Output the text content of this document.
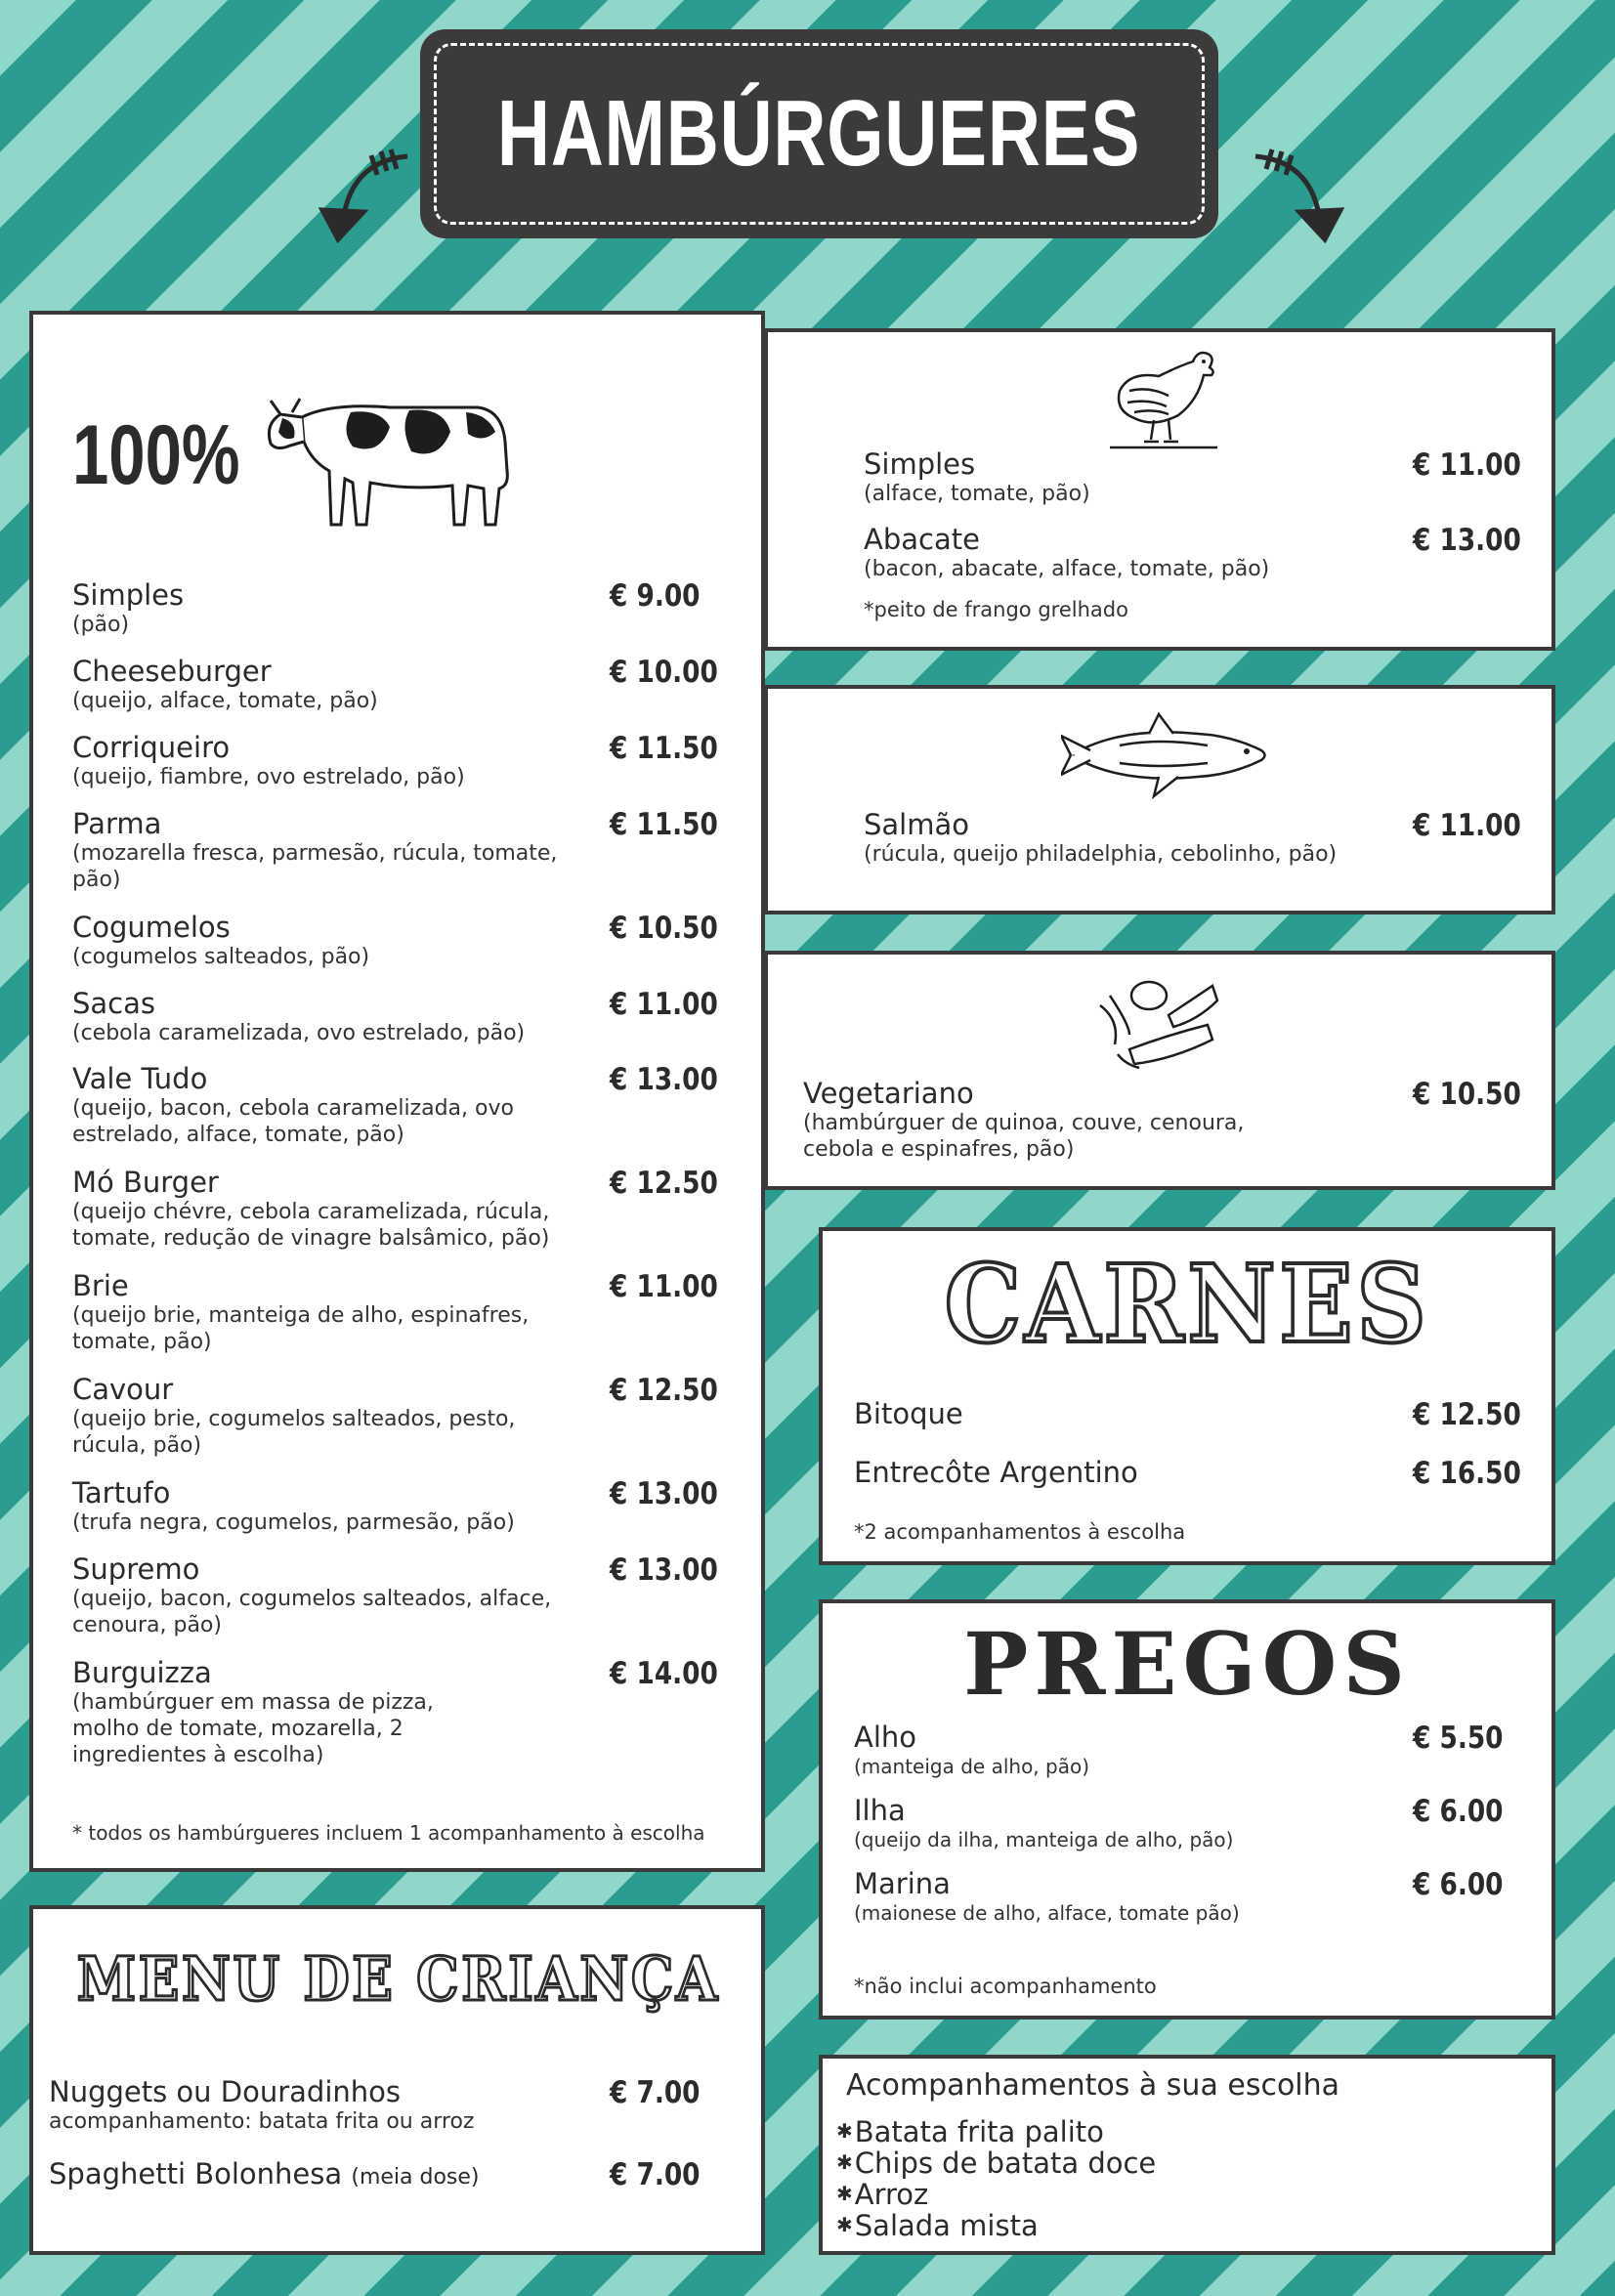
HAMBÚRGUERES
100%
Simples	€ 9.00
(pão)
Cheeseburger	€ 10.00
(queijo, alface, tomate, pão)
Corriqueiro	€ 11.50
(queijo, fiambre, ovo estrelado, pão)
Parma	€ 11.50
(mozarella fresca, parmesão, rúcula, tomate, pão)
Cogumelos	€ 10.50
(cogumelos salteados, pão)
Sacas	€ 11.00
(cebola caramelizada, ovo estrelado, pão)
Vale Tudo	€ 13.00
(queijo, bacon, cebola caramelizada, ovo estrelado, alface, tomate, pão)
Mó Burger	€ 12.50
(queijo chévre, cebola caramelizada, rúcula, tomate, redução de vinagre balsâmico, pão)
Brie	€ 11.00
(queijo brie, manteiga de alho, espinafres, tomate, pão)
Cavour	€ 12.50
(queijo brie, cogumelos salteados, pesto, rúcula, pão)
Tartufo	€ 13.00
(trufa negra, cogumelos, parmesão, pão)
Supremo	€ 13.00
(queijo, bacon, cogumelos salteados, alface, cenoura, pão)
Burguizza	€ 14.00
(hambúrguer em massa de pizza, molho de tomate, mozarella, 2 ingredientes à escolha)
* todos os hambúrgueres incluem 1 acompanhamento à escolha
Simples	€ 11.00
(alface, tomate, pão)
Abacate	€ 13.00
(bacon, abacate, alface, tomate, pão)
*peito de frango grelhado
Salmão	€ 11.00
(rúcula, queijo philadelphia, cebolinho, pão)
Vegetariano	€ 10.50
(hambúrguer de quinoa, couve, cenoura, cebola e espinafres, pão)
CARNES
Bitoque	€ 12.50
Entrecôte Argentino	€ 16.50
*2 acompanhamentos à escolha
PREGOS
Alho	€ 5.50
(manteiga de alho, pão)
Ilha	€ 6.00
(queijo da ilha, manteiga de alho, pão)
Marina	€ 6.00
(maionese de alho, alface, tomate pão)
*não inclui acompanhamento
MENU DE CRIANÇA
Nuggets ou Douradinhos	€ 7.00
acompanhamento: batata frita ou arroz
Spaghetti Bolonhesa (meia dose)	€ 7.00
Acompanhamentos à sua escolha
✱Batata frita palito
✱Chips de batata doce
✱Arroz
✱Salada mista
